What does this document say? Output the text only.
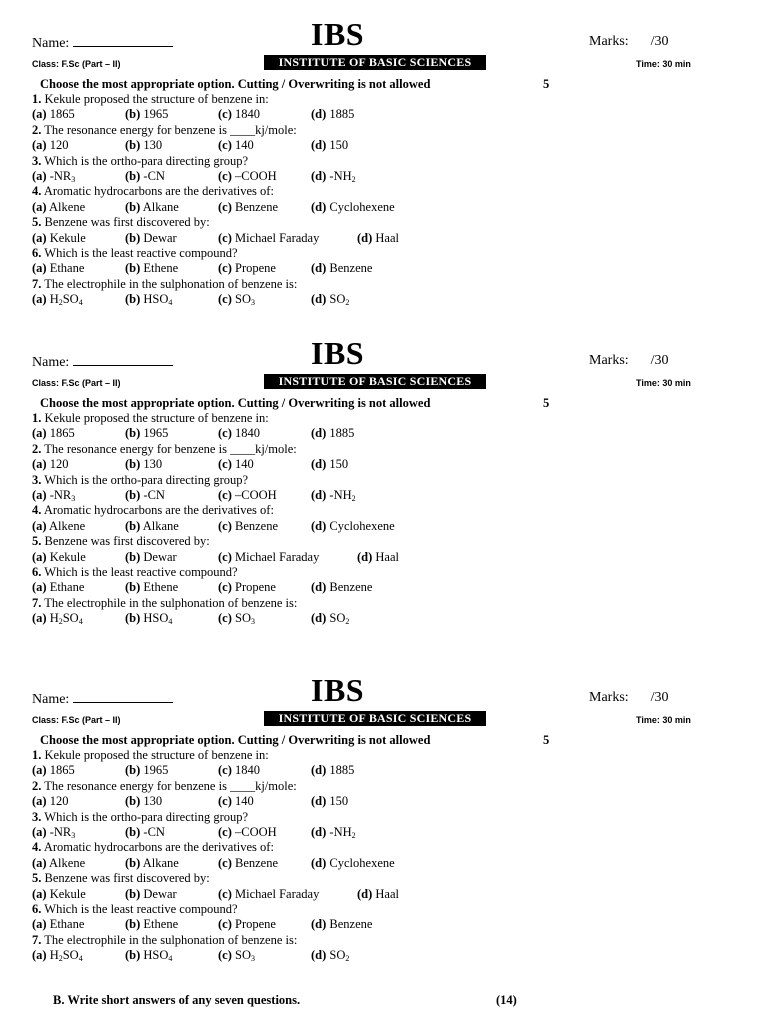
Name:	IBS	Marks: /30
Class: F.Sc (Part – II)	INSTITUTE OF BASIC SCIENCES	Time: 30 min
Choose the most appropriate option. Cutting / Overwriting is not allowed	5
1. Kekule proposed the structure of benzene in:
(a) 1865	(b) 1965	(c) 1840	(d) 1885
2. The resonance energy for benzene is ____kj/mole:
(a) 120	(b) 130	(c) 140	(d) 150
3. Which is the ortho-para directing group?
(a) $-NR_3$	(b) -CN	(c) –COOH	(d) $-NH_2$
4. Aromatic hydrocarbons are the derivatives of:
(a) Alkene	(b) Alkane	(c) Benzene	(d) Cyclohexene
5. Benzene was first discovered by:
(a) Kekule	(b) Dewar	(c) Michael Faraday	(d) Haal
6. Which is the least reactive compound?
(a) Ethane	(b) Ethene	(c) Propene	(d) Benzene
7. The electrophile in the sulphonation of benzene is:
(a) $H_2SO_4$	(b) $HSO_4$	(c) $SO_3$	(d) $SO_2$
Name:	IBS	Marks: /30
Class: F.Sc (Part – II)	INSTITUTE OF BASIC SCIENCES	Time: 30 min
Choose the most appropriate option. Cutting / Overwriting is not allowed	5
1. Kekule proposed the structure of benzene in:
(a) 1865	(b) 1965	(c) 1840	(d) 1885
2. The resonance energy for benzene is ____kj/mole:
(a) 120	(b) 130	(c) 140	(d) 150
3. Which is the ortho-para directing group?
(a) $-NR_3$	(b) -CN	(c) –COOH	(d) $-NH_2$
4. Aromatic hydrocarbons are the derivatives of:
(a) Alkene	(b) Alkane	(c) Benzene	(d) Cyclohexene
5. Benzene was first discovered by:
(a) Kekule	(b) Dewar	(c) Michael Faraday	(d) Haal
6. Which is the least reactive compound?
(a) Ethane	(b) Ethene	(c) Propene	(d) Benzene
7. The electrophile in the sulphonation of benzene is:
(a) $H_2SO_4$	(b) $HSO_4$	(c) $SO_3$	(d) $SO_2$
Name:	IBS	Marks: /30
Class: F.Sc (Part – II)	INSTITUTE OF BASIC SCIENCES	Time: 30 min
Choose the most appropriate option. Cutting / Overwriting is not allowed	5
1. Kekule proposed the structure of benzene in:
(a) 1865	(b) 1965	(c) 1840	(d) 1885
2. The resonance energy for benzene is ____kj/mole:
(a) 120	(b) 130	(c) 140	(d) 150
3. Which is the ortho-para directing group?
(a) $-NR_3$	(b) -CN	(c) –COOH	(d) $-NH_2$
4. Aromatic hydrocarbons are the derivatives of:
(a) Alkene	(b) Alkane	(c) Benzene	(d) Cyclohexene
5. Benzene was first discovered by:
(a) Kekule	(b) Dewar	(c) Michael Faraday	(d) Haal
6. Which is the least reactive compound?
(a) Ethane	(b) Ethene	(c) Propene	(d) Benzene
7. The electrophile in the sulphonation of benzene is:
(a) $H_2SO_4$	(b) $HSO_4$	(c) $SO_3$	(d) $SO_2$
B. Write short answers of any seven questions.	(14)
